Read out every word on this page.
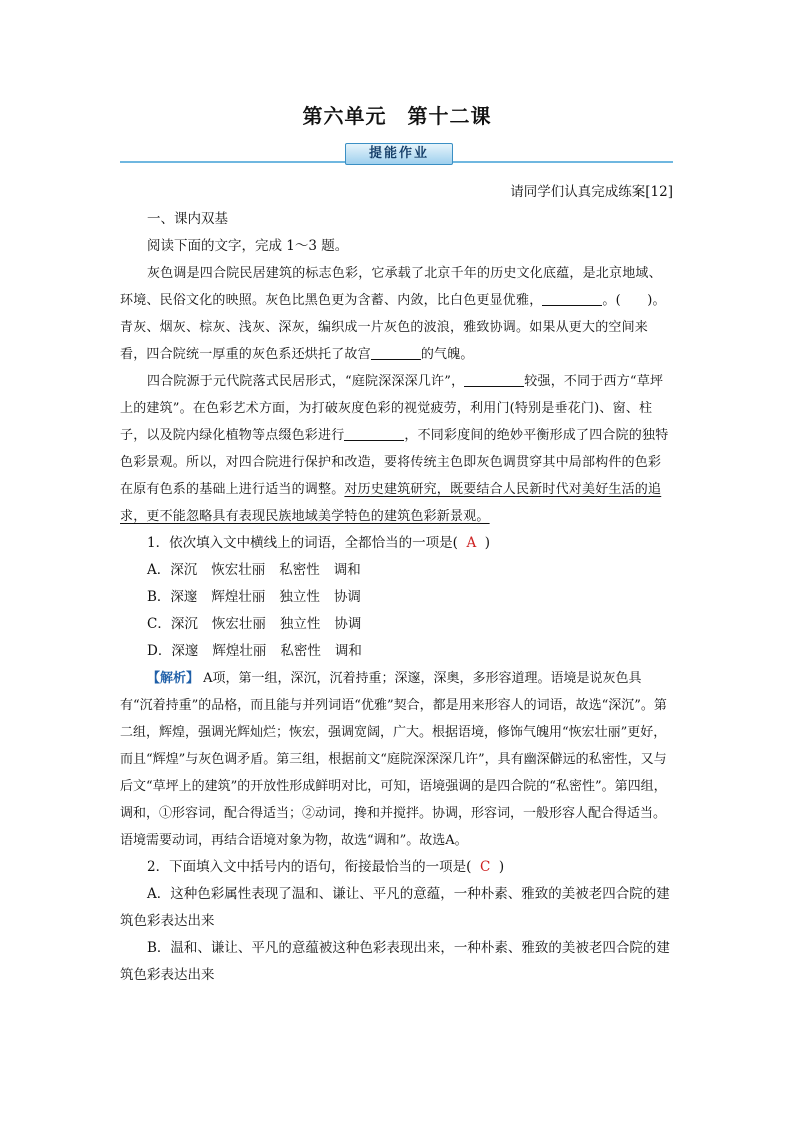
第六单元　第十二课
提能作业
请同学们认真完成练案[12]

一、课内双基

阅读下面的文字，完成 1～3 题。

灰色调是四合院民居建筑的标志色彩，它承载了北京千年的历史文化底蕴，是北京地域、环境、民俗文化的映照。灰色比黑色更为含蓄、内敛，比白色更显优雅，	。(　　)。青灰、烟灰、棕灰、浅灰、深灰，编织成一片灰色的波浪，雅致协调。如果从更大的空间来看，四合院统一厚重的灰色系还烘托了故宫	的气魄。

四合院源于元代院落式民居形式，“庭院深深深几许”，	较强，不同于西方“草坪上的建筑”。在色彩艺术方面，为打破灰度色彩的视觉疲劳，利用门(特别是垂花门)、窗、柱子，以及院内绿化植物等点缀色彩进行	，不同彩度间的绝妙平衡形成了四合院的独特色彩景观。所以，对四合院进行保护和改造，要将传统主色即灰色调贯穿其中局部构件的色彩在原有色系的基础上进行适当的调整。对历史建筑研究，既要结合人民新时代对美好生活的追求，更不能忽略具有表现民族地域美学特色的建筑色彩新景观。

1．依次填入文中横线上的词语，全都恰当的一项是( A )

A．深沉 恢宏壮丽 私密性 调和

B．深邃 辉煌壮丽 独立性 协调

C．深沉 恢宏壮丽 独立性 协调

D．深邃 辉煌壮丽 私密性 调和

【解析】 A项，第一组，深沉，沉着持重；深邃，深奥，多形容道理。语境是说灰色具有“沉着持重”的品格，而且能与并列词语“优雅”契合，都是用来形容人的词语，故选“深沉”。第二组，辉煌，强调光辉灿烂；恢宏，强调宽阔，广大。根据语境，修饰气魄用“恢宏壮丽”更好，而且“辉煌”与灰色调矛盾。第三组，根据前文“庭院深深深几许”，具有幽深僻远的私密性，又与后文“草坪上的建筑”的开放性形成鲜明对比，可知，语境强调的是四合院的“私密性”。第四组，调和，①形容词，配合得适当；②动词，搀和并搅拌。协调，形容词，一般形容人配合得适当。语境需要动词，再结合语境对象为物，故选“调和”。故选A。

2．下面填入文中括号内的语句，衔接最恰当的一项是( C )

A．这种色彩属性表现了温和、谦让、平凡的意蕴，一种朴素、雅致的美被老四合院的建筑色彩表达出来

B．温和、谦让、平凡的意蕴被这种色彩表现出来，一种朴素、雅致的美被老四合院的建筑色彩表达出来
